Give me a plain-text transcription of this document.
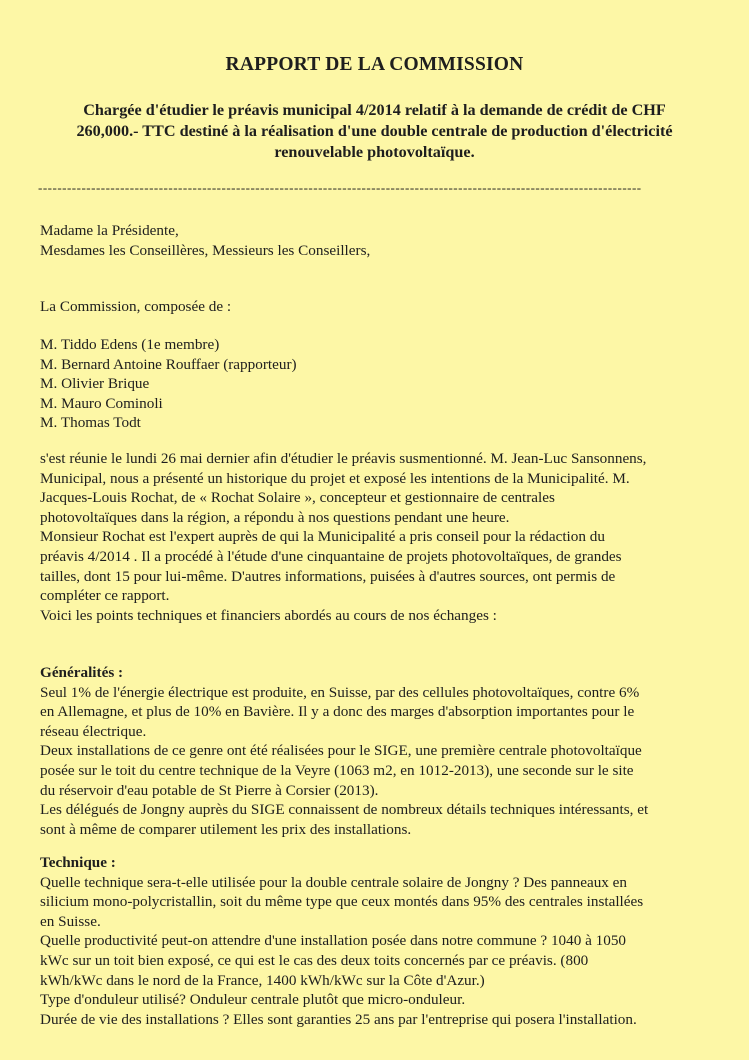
RAPPORT DE LA COMMISSION
Chargée d'étudier le préavis municipal 4/2014 relatif à la demande de crédit de CHF
260,000.- TTC destiné à la réalisation d'une double centrale de production d'électricité
renouvelable photovoltaïque.
-----------------------------------------------------------------------------------------------------------------------------

Madame la Présidente,

Mesdames les Conseillères, Messieurs les Conseillers,

La Commission, composée de :

M. Tiddo Edens (1e membre)

M. Bernard Antoine Rouffaer (rapporteur)

M. Olivier Brique

M. Mauro Cominoli

M. Thomas Todt

s'est réunie le lundi 26 mai dernier afin d'étudier le préavis susmentionné. M. Jean-Luc Sansonnens,

Municipal, nous a présenté un historique du projet et exposé les intentions de la Municipalité. M.

Jacques-Louis Rochat, de « Rochat Solaire », concepteur et gestionnaire de centrales

photovoltaïques dans la région, a répondu à nos questions pendant une heure.

Monsieur Rochat est l'expert auprès de qui la Municipalité a pris conseil pour la rédaction du

préavis 4/2014 . Il a procédé à l'étude d'une cinquantaine de projets photovoltaïques, de grandes

tailles, dont 15 pour lui-même. D'autres informations, puisées à d'autres sources, ont permis de

compléter ce rapport.

Voici les points techniques et financiers abordés au cours de nos échanges :

Généralités :

Seul 1% de l'énergie électrique est produite, en Suisse, par des cellules photovoltaïques, contre 6%

en Allemagne, et plus de 10% en Bavière. Il y a donc des marges d'absorption importantes pour le

réseau électrique.

Deux installations de ce genre ont été réalisées pour le SIGE, une première centrale photovoltaïque

posée sur le toit du centre technique de la Veyre (1063 m2, en 1012-2013), une seconde sur le site

du réservoir d'eau potable de St Pierre à Corsier (2013).

Les délégués de Jongny auprès du SIGE connaissent de nombreux détails techniques intéressants, et

sont à même de comparer utilement les prix des installations.

Technique :

Quelle technique sera-t-elle utilisée pour la double centrale solaire de Jongny ? Des panneaux en

silicium mono-polycristallin, soit du même type que ceux montés dans 95% des centrales installées

en Suisse.

Quelle productivité peut-on attendre d'une installation posée dans notre commune ? 1040 à 1050

kWc sur un toit bien exposé, ce qui est le cas des deux toits concernés par ce préavis. (800

kWh/kWc dans le nord de la France, 1400 kWh/kWc sur la Côte d'Azur.)

Type d'onduleur utilisé? Onduleur centrale plutôt que micro-onduleur.

Durée de vie des installations ? Elles sont garanties 25 ans par l'entreprise qui posera l'installation.
